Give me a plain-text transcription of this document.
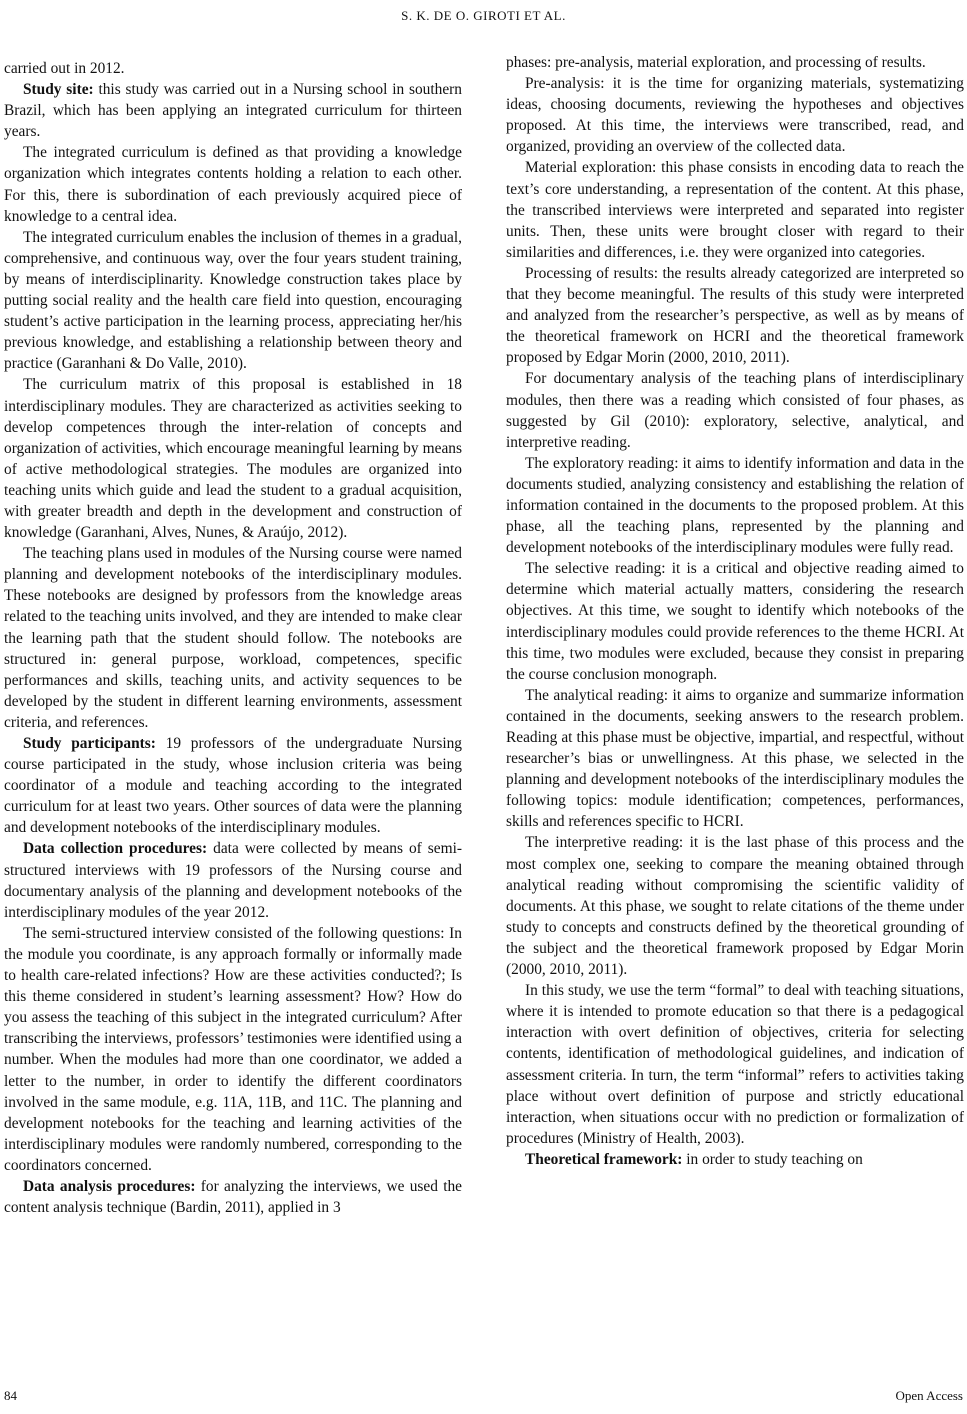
S. K. DE O. GIROTI ET AL.

carried out in 2012.

Study site: this study was carried out in a Nursing school in southern Brazil, which has been applying an integrated curriculum for thirteen years.

The integrated curriculum is defined as that providing a knowledge organization which integrates contents holding a relation to each other. For this, there is subordination of each previously acquired piece of knowledge to a central idea.

The integrated curriculum enables the inclusion of themes in a gradual, comprehensive, and continuous way, over the four years student training, by means of interdisciplinarity. Knowledge construction takes place by putting social reality and the health care field into question, encouraging student’s active participation in the learning process, appreciating her/his previous knowledge, and establishing a relationship between theory and practice (Garanhani & Do Valle, 2010).

The curriculum matrix of this proposal is established in 18 interdisciplinary modules. They are characterized as activities seeking to develop competences through the inter-relation of concepts and organization of activities, which encourage meaningful learning by means of active methodological strategies. The modules are organized into teaching units which guide and lead the student to a gradual acquisition, with greater breadth and depth in the development and construction of knowledge (Garanhani, Alves, Nunes, & Araújo, 2012).

The teaching plans used in modules of the Nursing course were named planning and development notebooks of the interdisciplinary modules. These notebooks are designed by professors from the knowledge areas related to the teaching units involved, and they are intended to make clear the learning path that the student should follow. The notebooks are structured in: general purpose, workload, competences, specific performances and skills, teaching units, and activity sequences to be developed by the student in different learning environments, assessment criteria, and references.

Study participants: 19 professors of the undergraduate Nursing course participated in the study, whose inclusion criteria was being coordinator of a module and teaching according to the integrated curriculum for at least two years. Other sources of data were the planning and development notebooks of the interdisciplinary modules.

Data collection procedures: data were collected by means of semi-structured interviews with 19 professors of the Nursing course and documentary analysis of the planning and development notebooks of the interdisciplinary modules of the year 2012.

The semi-structured interview consisted of the following questions: In the module you coordinate, is any approach formally or informally made to health care-related infections? How are these activities conducted?; Is this theme considered in student’s learning assessment? How? How do you assess the teaching of this subject in the integrated curriculum? After transcribing the interviews, professors’ testimonies were identified using a number. When the modules had more than one coordinator, we added a letter to the number, in order to identify the different coordinators involved in the same module, e.g. 11A, 11B, and 11C. The planning and development notebooks for the teaching and learning activities of the interdisciplinary modules were randomly numbered, corresponding to the coordinators concerned.

Data analysis procedures: for analyzing the interviews, we used the content analysis technique (Bardin, 2011), applied in 3

phases: pre-analysis, material exploration, and processing of results.

Pre-analysis: it is the time for organizing materials, systematizing ideas, choosing documents, reviewing the hypotheses and objectives proposed. At this time, the interviews were transcribed, read, and organized, providing an overview of the collected data.

Material exploration: this phase consists in encoding data to reach the text’s core understanding, a representation of the content. At this phase, the transcribed interviews were interpreted and separated into register units. Then, these units were brought closer with regard to their similarities and differences, i.e. they were organized into categories.

Processing of results: the results already categorized are interpreted so that they become meaningful. The results of this study were interpreted and analyzed from the researcher’s perspective, as well as by means of the theoretical framework on HCRI and the theoretical framework proposed by Edgar Morin (2000, 2010, 2011).

For documentary analysis of the teaching plans of interdisciplinary modules, then there was a reading which consisted of four phases, as suggested by Gil (2010): exploratory, selective, analytical, and interpretive reading.

The exploratory reading: it aims to identify information and data in the documents studied, analyzing consistency and establishing the relation of information contained in the documents to the proposed problem. At this phase, all the teaching plans, represented by the planning and development notebooks of the interdisciplinary modules were fully read.

The selective reading: it is a critical and objective reading aimed to determine which material actually matters, considering the research objectives. At this time, we sought to identify which notebooks of the interdisciplinary modules could provide references to the theme HCRI. At this time, two modules were excluded, because they consist in preparing the course conclusion monograph.

The analytical reading: it aims to organize and summarize information contained in the documents, seeking answers to the research problem. Reading at this phase must be objective, impartial, and respectful, without researcher’s bias or unwellingness. At this phase, we selected in the planning and development notebooks of the interdisciplinary modules the following topics: module identification; competences, performances, skills and references specific to HCRI.

The interpretive reading: it is the last phase of this process and the most complex one, seeking to compare the meaning obtained through analytical reading without compromising the scientific validity of documents. At this phase, we sought to relate citations of the theme under study to concepts and constructs defined by the theoretical grounding of the subject and the theoretical framework proposed by Edgar Morin (2000, 2010, 2011).

In this study, we use the term “formal” to deal with teaching situations, where it is intended to promote education so that there is a pedagogical interaction with overt definition of objectives, criteria for selecting contents, identification of methodological guidelines, and indication of assessment criteria. In turn, the term “informal” refers to activities taking place without overt definition of purpose and strictly educational interaction, when situations occur with no prediction or formalization of procedures (Ministry of Health, 2003).

Theoretical framework: in order to study teaching on

84	Open Access
